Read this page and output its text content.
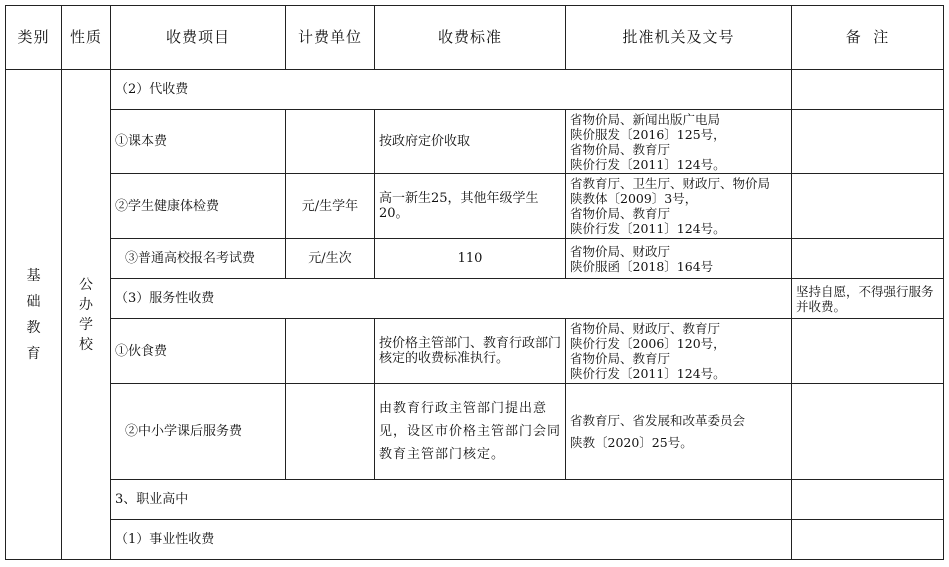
类别	性质	收费项目	计费单位	收费标准	批准机关及文号	备  注
基础教育	公办学校	（2）代收费				
		①课本费		按政府定价收取	省物价局、新闻出版广电局
陕价服发〔2016〕125号，
省物价局、教育厅
陕价行发〔2011〕124号。	

		②学生健康体检费	元/生学年	高一新生25，其他年级学生20。	省教育厅、卫生厅、财政厅、物价局
陕教体〔2009〕3号，
省物价局、教育厅
陕价行发〔2011〕124号。	

		③普通高校报名考试费	元/生次	110	省物价局、财政厅
陕价服函〔2018〕164号	

		（3）服务性收费				坚持自愿，不得强行服务并收费。
		①伙食费		按价格主管部门、教育行政部门核定的收费标准执行。	省物价局、财政厅、教育厅
陕价行发〔2006〕120号，
省物价局、教育厅
陕价行发〔2011〕124号。	

		②中小学课后服务费		由教育行政主管部门提出意见，设区市价格主管部门会同教育主管部门核定。	省教育厅、省发展和改革委员会
陕教〔2020〕25号。	

		3、职业高中				
		（1）事业性收费				
